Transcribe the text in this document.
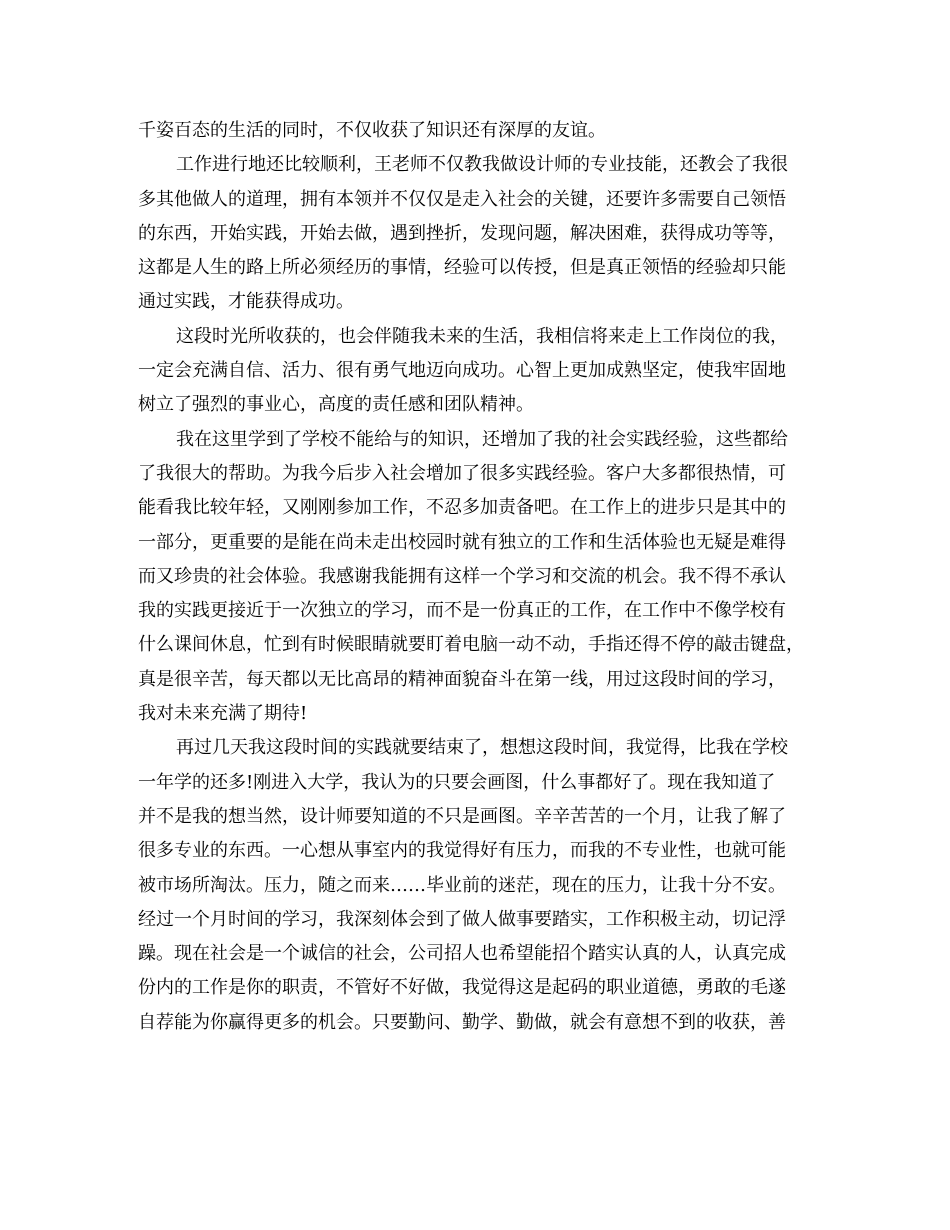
千姿百态的生活的同时，不仅收获了知识还有深厚的友谊。
工作进行地还比较顺利，王老师不仅教我做设计师的专业技能，还教会了我很
多其他做人的道理，拥有本领并不仅仅是走入社会的关键，还要许多需要自己领悟
的东西，开始实践，开始去做，遇到挫折，发现问题，解决困难，获得成功等等，
这都是人生的路上所必须经历的事情，经验可以传授，但是真正领悟的经验却只能
通过实践，才能获得成功。
这段时光所收获的，也会伴随我未来的生活，我相信将来走上工作岗位的我，
一定会充满自信、活力、很有勇气地迈向成功。心智上更加成熟坚定，使我牢固地
树立了强烈的事业心，高度的责任感和团队精神。
我在这里学到了学校不能给与的知识，还增加了我的社会实践经验，这些都给
了我很大的帮助。为我今后步入社会增加了很多实践经验。客户大多都很热情，可
能看我比较年轻，又刚刚参加工作，不忍多加责备吧。在工作上的进步只是其中的
一部分，更重要的是能在尚未走出校园时就有独立的工作和生活体验也无疑是难得
而又珍贵的社会体验。我感谢我能拥有这样一个学习和交流的机会。我不得不承认
我的实践更接近于一次独立的学习，而不是一份真正的工作，在工作中不像学校有
什么课间休息，忙到有时候眼睛就要盯着电脑一动不动，手指还得不停的敲击键盘，
真是很辛苦，每天都以无比高昂的精神面貌奋斗在第一线，用过这段时间的学习，
我对未来充满了期待!
再过几天我这段时间的实践就要结束了，想想这段时间，我觉得，比我在学校
一年学的还多!刚进入大学，我认为的只要会画图，什么事都好了。现在我知道了
并不是我的想当然，设计师要知道的不只是画图。辛辛苦苦的一个月，让我了解了
很多专业的东西。一心想从事室内的我觉得好有压力，而我的不专业性，也就可能
被市场所淘汰。压力，随之而来……毕业前的迷茫，现在的压力，让我十分不安。
经过一个月时间的学习，我深刻体会到了做人做事要踏实，工作积极主动，切记浮
躁。现在社会是一个诚信的社会，公司招人也希望能招个踏实认真的人，认真完成
份内的工作是你的职责，不管好不好做，我觉得这是起码的职业道德，勇敢的毛遂
自荐能为你赢得更多的机会。只要勤问、勤学、勤做，就会有意想不到的收获，善
